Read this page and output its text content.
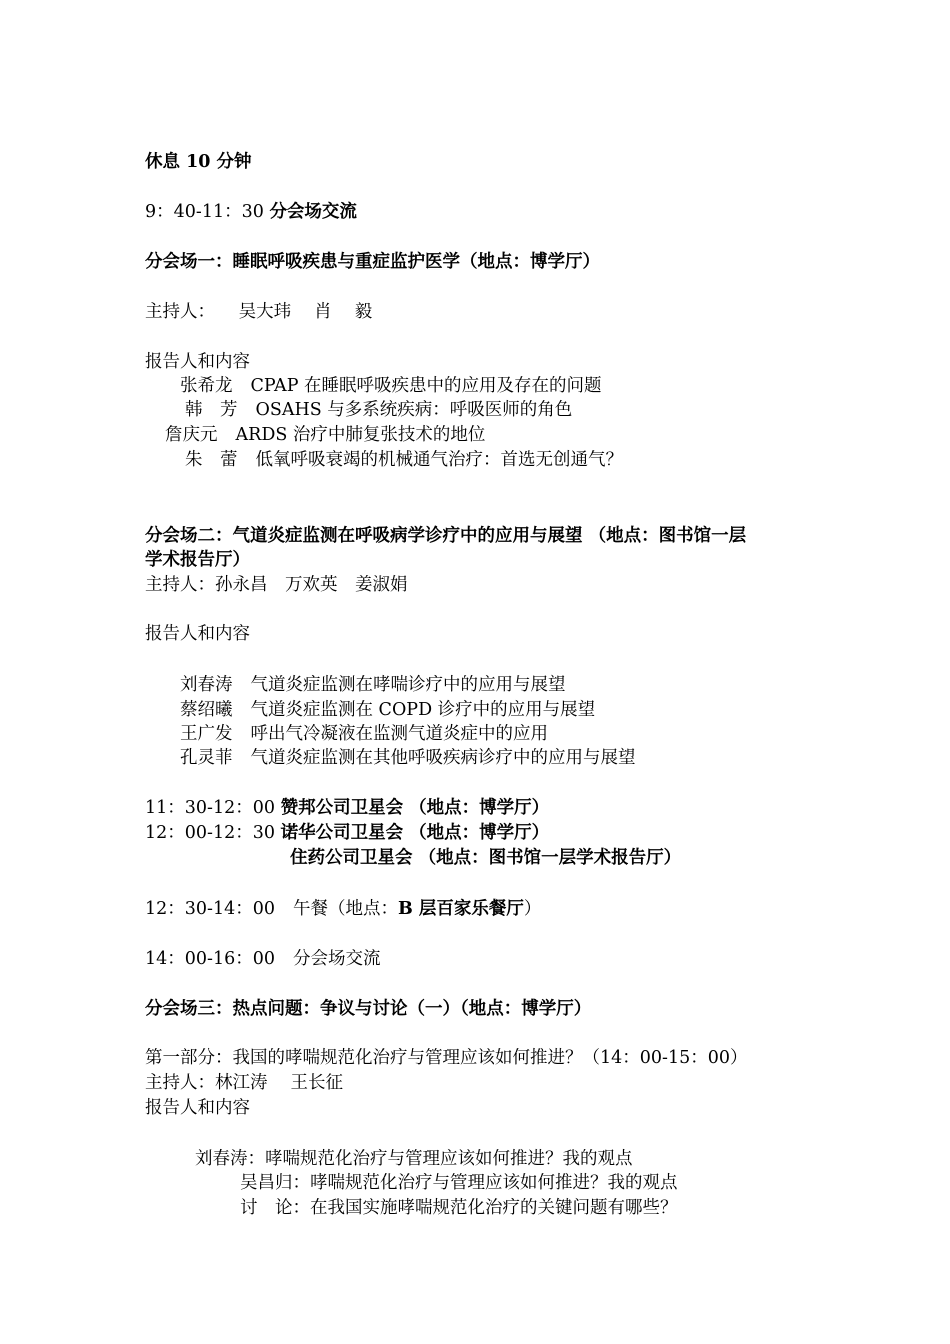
休息 10 分钟
9：40-11：30 分会场交流
分会场一：睡眠呼吸疾患与重症监护医学（地点：博学厅）
主持人： 吴大玮　 肖　 毅
报告人和内容
张希龙 CPAP 在睡眠呼吸疾患中的应用及存在的问题
韩　芳 OSAHS 与多系统疾病：呼吸医师的角色
詹庆元 ARDS 治疗中肺复张技术的地位
朱　蕾 低氧呼吸衰竭的机械通气治疗：首选无创通气？
分会场二：气道炎症监测在呼吸病学诊疗中的应用与展望 （地点：图书馆一层
学术报告厅）
主持人：孙永昌　万欢英　姜淑娟
报告人和内容
刘春涛 气道炎症监测在哮喘诊疗中的应用与展望
蔡绍曦 气道炎症监测在 COPD 诊疗中的应用与展望
王广发 呼出气冷凝液在监测气道炎症中的应用
孔灵菲 气道炎症监测在其他呼吸疾病诊疗中的应用与展望
11：30-12：00 赞邦公司卫星会 （地点：博学厅）
12：00-12：30 诺华公司卫星会 （地点：博学厅）
住药公司卫星会 （地点：图书馆一层学术报告厅）
12：30-14：00 午餐（地点：B 层百家乐餐厅）
14：00-16：00 分会场交流
分会场三：热点问题：争议与讨论（一）（地点：博学厅）
第一部分：我国的哮喘规范化治疗与管理应该如何推进？（14：00-15：00）
主持人：林江涛　 王长征
报告人和内容
刘春涛：哮喘规范化治疗与管理应该如何推进？我的观点
吴昌归：哮喘规范化治疗与管理应该如何推进？我的观点
讨　论：在我国实施哮喘规范化治疗的关键问题有哪些？
